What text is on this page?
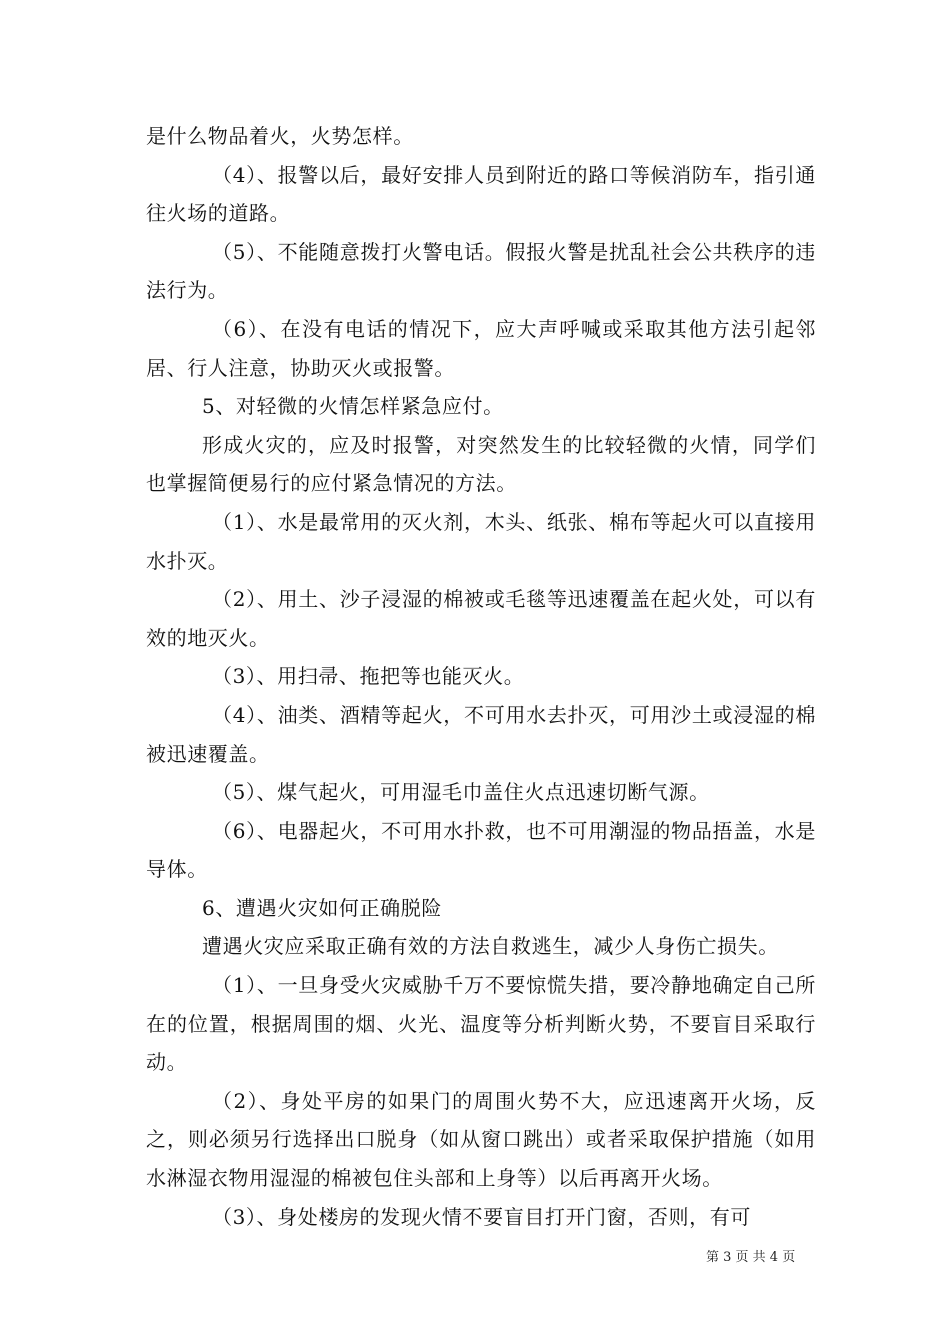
是什么物品着火，火势怎样。

（4）、报警以后，最好安排人员到附近的路口等候消防车，指引通往火场的道路。

（5）、不能随意拨打火警电话。假报火警是扰乱社会公共秩序的违法行为。

（6）、在没有电话的情况下，应大声呼喊或采取其他方法引起邻居、行人注意，协助灭火或报警。

5、对轻微的火情怎样紧急应付。

形成火灾的，应及时报警，对突然发生的比较轻微的火情，同学们也掌握简便易行的应付紧急情况的方法。

（1）、水是最常用的灭火剂，木头、纸张、棉布等起火可以直接用水扑灭。

（2）、用土、沙子浸湿的棉被或毛毯等迅速覆盖在起火处，可以有效的地灭火。

（3）、用扫帚、拖把等也能灭火。

（4）、油类、酒精等起火，不可用水去扑灭，可用沙土或浸湿的棉被迅速覆盖。

（5）、煤气起火，可用湿毛巾盖住火点迅速切断气源。

（6）、电器起火，不可用水扑救，也不可用潮湿的物品捂盖，水是导体。

6、遭遇火灾如何正确脱险

遭遇火灾应采取正确有效的方法自救逃生，减少人身伤亡损失。

（1）、一旦身受火灾威胁千万不要惊慌失措，要冷静地确定自己所在的位置，根据周围的烟、火光、温度等分析判断火势，不要盲目采取行动。

（2）、身处平房的如果门的周围火势不大，应迅速离开火场，反之，则必须另行选择出口脱身（如从窗口跳出）或者采取保护措施（如用水淋湿衣物用湿湿的棉被包住头部和上身等）以后再离开火场。

（3）、身处楼房的发现火情不要盲目打开门窗，否则，有可

第 3 页 共 4 页
